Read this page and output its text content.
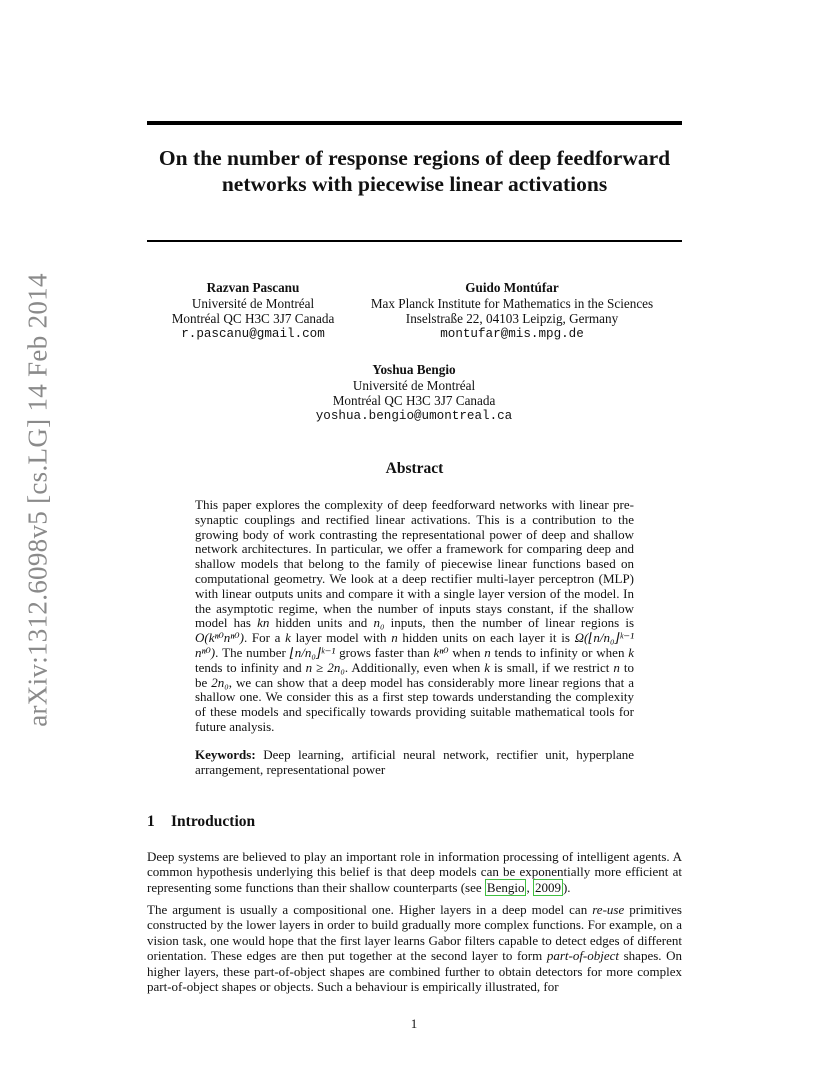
arXiv:1312.6098v5 [cs.LG] 14 Feb 2014
On the number of response regions of deep feedforward networks with piecewise linear activations
Razvan Pascanu
Université de Montréal
Montréal QC H3C 3J7 Canada
r.pascanu@gmail.com
Guido Montúfar
Max Planck Institute for Mathematics in the Sciences
Inselstraße 22, 04103 Leipzig, Germany
montufar@mis.mpg.de
Yoshua Bengio
Université de Montréal
Montréal QC H3C 3J7 Canada
yoshua.bengio@umontreal.ca
Abstract
This paper explores the complexity of deep feedforward networks with linear pre-synaptic couplings and rectified linear activations. This is a contribution to the growing body of work contrasting the representational power of deep and shallow network architectures. In particular, we offer a framework for comparing deep and shallow models that belong to the family of piecewise linear functions based on computational geometry. We look at a deep rectifier multi-layer perceptron (MLP) with linear outputs units and compare it with a single layer version of the model. In the asymptotic regime, when the number of inputs stays constant, if the shallow model has kn hidden units and n₀ inputs, then the number of linear regions is O(kⁿ⁰nⁿ⁰). For a k layer model with n hidden units on each layer it is Ω(⌊n/n₀⌋ᵏ⁻¹ nⁿ⁰). The number ⌊n/n₀⌋ᵏ⁻¹ grows faster than kⁿ⁰ when n tends to infinity or when k tends to infinity and n ≥ 2n₀. Additionally, even when k is small, if we restrict n to be 2n₀, we can show that a deep model has considerably more linear regions that a shallow one. We consider this as a first step towards understanding the complexity of these models and specifically towards providing suitable mathematical tools for future analysis.
Keywords: Deep learning, artificial neural network, rectifier unit, hyperplane arrangement, representational power
1 Introduction
Deep systems are believed to play an important role in information processing of intelligent agents. A common hypothesis underlying this belief is that deep models can be exponentially more efficient at representing some functions than their shallow counterparts (see Bengio , 2009 ).
The argument is usually a compositional one. Higher layers in a deep model can re-use primitives constructed by the lower layers in order to build gradually more complex functions. For example, on a vision task, one would hope that the first layer learns Gabor filters capable to detect edges of different orientation. These edges are then put together at the second layer to form part-of-object shapes. On higher layers, these part-of-object shapes are combined further to obtain detectors for more complex part-of-object shapes or objects. Such a behaviour is empirically illustrated, for
1
